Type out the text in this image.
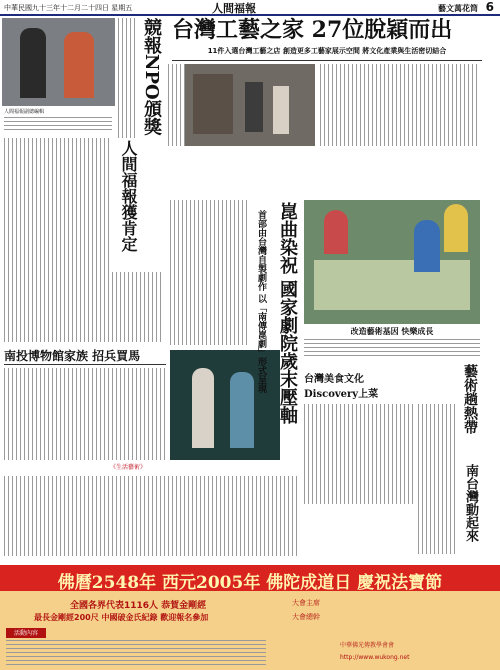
中華民國九十三年十二月二十四日 星期五	人間福報	藝文萬花筒 6
台灣工藝之家 27位脫穎而出
11件入選台灣工藝之店 創造更多工藝家展示空間 將文化產業與生活密切結合
人間福報副總編輯	競報NPO頒獎
人間福報獲肯定
南投博物館家族 招兵買馬	崑曲染祝 國家劇院歲末壓軸
首部由台灣自製劇作 以「南傳崑劇」形式呈現	改造藝術基因 快樂成長
台灣美食文化 Discovery上菜	藝術趟熱帶
南台灣動起來
《生活藝術》
佛曆2548年 西元2005年 佛陀成道日 慶祝法寶節
全國各界代表1116人 恭賀金剛經
最長金剛經200尺 中國破金氏紀錄 歡迎報名參加
活動內容
大會主席
大會總幹
中華佛光傳教學會會
http://www.wukong.net
